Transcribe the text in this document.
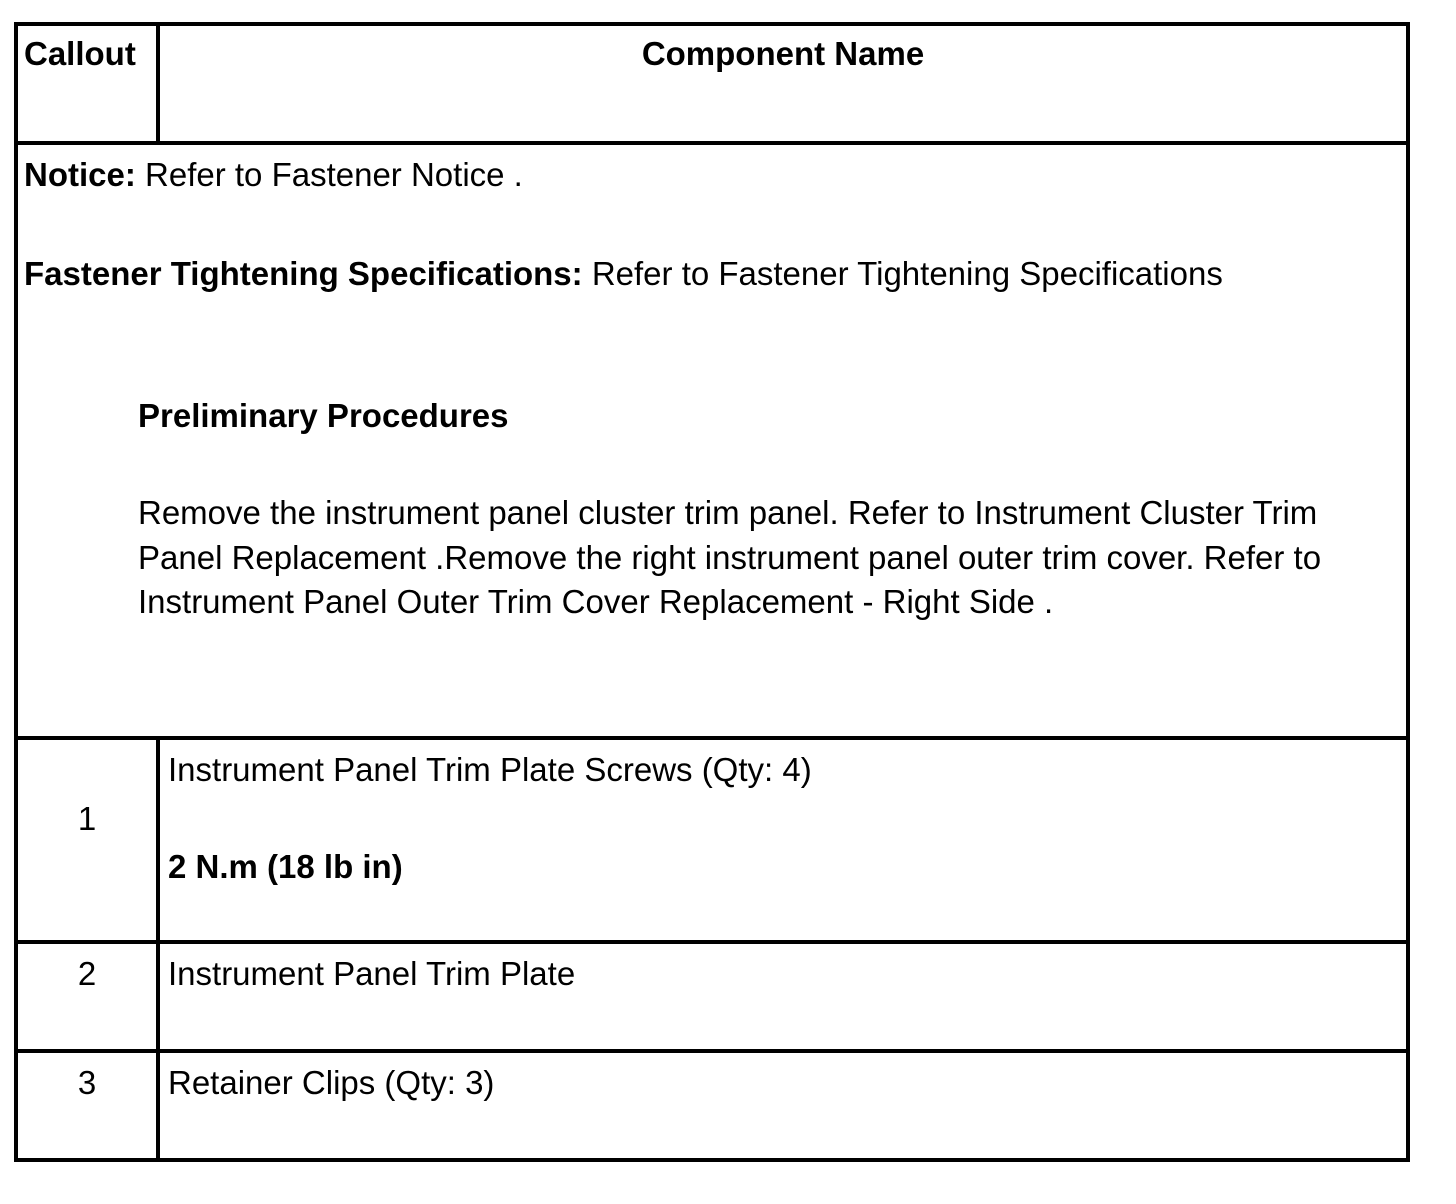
Callout	Component Name

Notice: Refer to Fastener Notice .

Fastener Tightening Specifications: Refer to Fastener Tightening Specifications

Preliminary Procedures
Remove the instrument panel cluster trim panel. Refer to Instrument Cluster Trim Panel Replacement .Remove the right instrument panel outer trim cover. Refer to Instrument Panel Outer Trim Cover Replacement - Right Side .	

1	Instrument Panel Trim Plate Screws (Qty: 4)
2 N.m (18 lb in)

2	Instrument Panel Trim Plate
3	Retainer Clips (Qty: 3)
